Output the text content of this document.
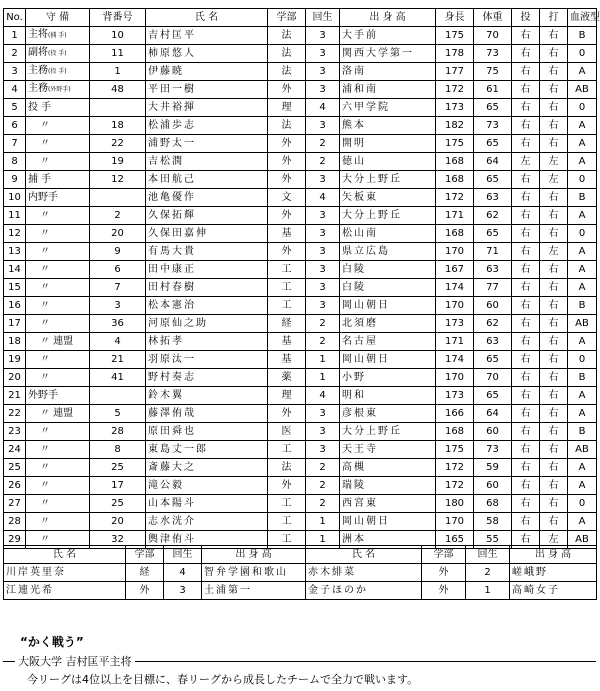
No.	守 備	背番号	氏 名	学部	回生	出 身 高	身長	体重	投	打	血液型
1	主将(捕 手)	10	吉村匡平	法	3	大手前	175	70	右	右	B
2	副将(投 手)	11	柿原悠人	法	3	関西大学第一	178	73	右	右	0
3	主務(投 手)	1	伊藤暁	法	3	洛南	177	75	右	右	A
4	主務(外野手)	48	平田一樹	外	3	浦和南	172	61	右	右	AB
5	投 手		大井裕揮	理	4	六甲学院	173	65	右	右	0
6	〃	18	松浦歩志	法	3	熊本	182	73	右	右	A
7	〃	22	浦野太一	外	2	開明	175	65	右	右	A
8	〃	19	吉松潤	外	2	徳山	168	64	左	左	A
9	捕 手	12	本田航己	外	3	大分上野丘	168	65	右	左	0
10	内野手		池亀優作	文	4	矢板東	172	63	右	右	B
11	〃	2	久保拓輝	外	3	大分上野丘	171	62	右	右	A
12	〃	20	久保田嘉伸	基	3	松山南	168	65	右	右	0
13	〃	9	有馬大貴	外	3	県立広島	170	71	右	左	A
14	〃	6	田中康正	工	3	白陵	167	63	右	右	A
15	〃	7	田村春樹	工	3	白陵	174	77	右	右	A
16	〃	3	松本憲治	工	3	岡山朝日	170	60	右	右	B
17	〃	36	河原仙之助	経	2	北須磨	173	62	右	右	AB
18	〃 連盟	4	林拓孝	基	2	名古屋	171	63	右	右	A
19	〃	21	羽原汰一	基	1	岡山朝日	174	65	右	右	0
20	〃	41	野村奏志	薬	1	小野	170	70	右	右	B
21	外野手		鈴木翼	理	4	明和	173	65	右	右	A
22	〃 連盟	5	藤澤侑哉	外	3	彦根東	166	64	右	右	A
23	〃	28	原田舜也	医	3	大分上野丘	168	60	右	右	B
24	〃	8	東島丈一郎	工	3	天王寺	175	73	右	右	AB
25	〃	25	斎藤大之	法	2	高槻	172	59	右	右	A
26	〃	17	滝公毅	外	2	瑞陵	172	60	右	右	A
27	〃	25	山本陽斗	工	2	西宮東	180	68	右	右	0
28	〃	20	志水洸介	工	1	岡山朝日	170	58	右	右	A
29	〃	32	輿津侑斗	工	1	洲本	165	55	右	左	AB
氏 名	学部	回生	出 身 高	氏 名	学部	回生	出 身 高
川岸英里奈	経	4	智弁学園和歌山	赤木緋菜	外	2	嵯峨野
江連光希	外	3	土浦第一	金子ほのか	外	1	高崎女子
“かく戦う”
大阪大学 吉村匡平主将
今リーグは4位以上を目標に、春リーグから成長したチームで全力で戦います。
